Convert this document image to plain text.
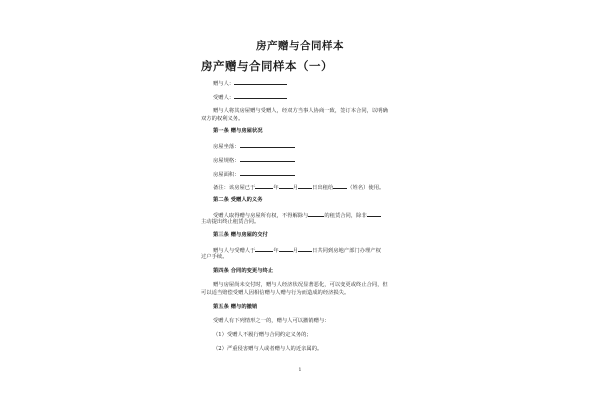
房产赠与合同样本
房产赠与合同样本（一）
赠与人：
受赠人：
赠与人将其房屋赠与受赠人，经双方当事人协商一致，签订本合同，以明确
双方的权利义务。
第一条 赠与房屋状况
房屋坐落：
房屋规格：
房屋面积：
备注：该房屋已于	年	月	日出租给	（姓名）使用。
第二条 受赠人的义务
受赠人取得赠与房屋所有权，不得解除与	的租赁合同，除非
主动提出终止租赁合同。
第三条 赠与房屋的交付
赠与人与受赠人于	年	月	日共同到房地产部门办理产权
过户手续。
第四条 合同的变更与终止
赠与房屋尚未交付时，赠与人经济状况显著恶化，可以变更或终止合同，但
可以适当赔偿受赠人因相信赠与人赠与行为而造成的经济损失。
第五条 赠与的撤销
受赠人有下列情形之一的，赠与人可以撤销赠与：
（1）受赠人不履行赠与合同约定义务的；
（2）严重侵害赠与人或者赠与人的近亲属的。
1
